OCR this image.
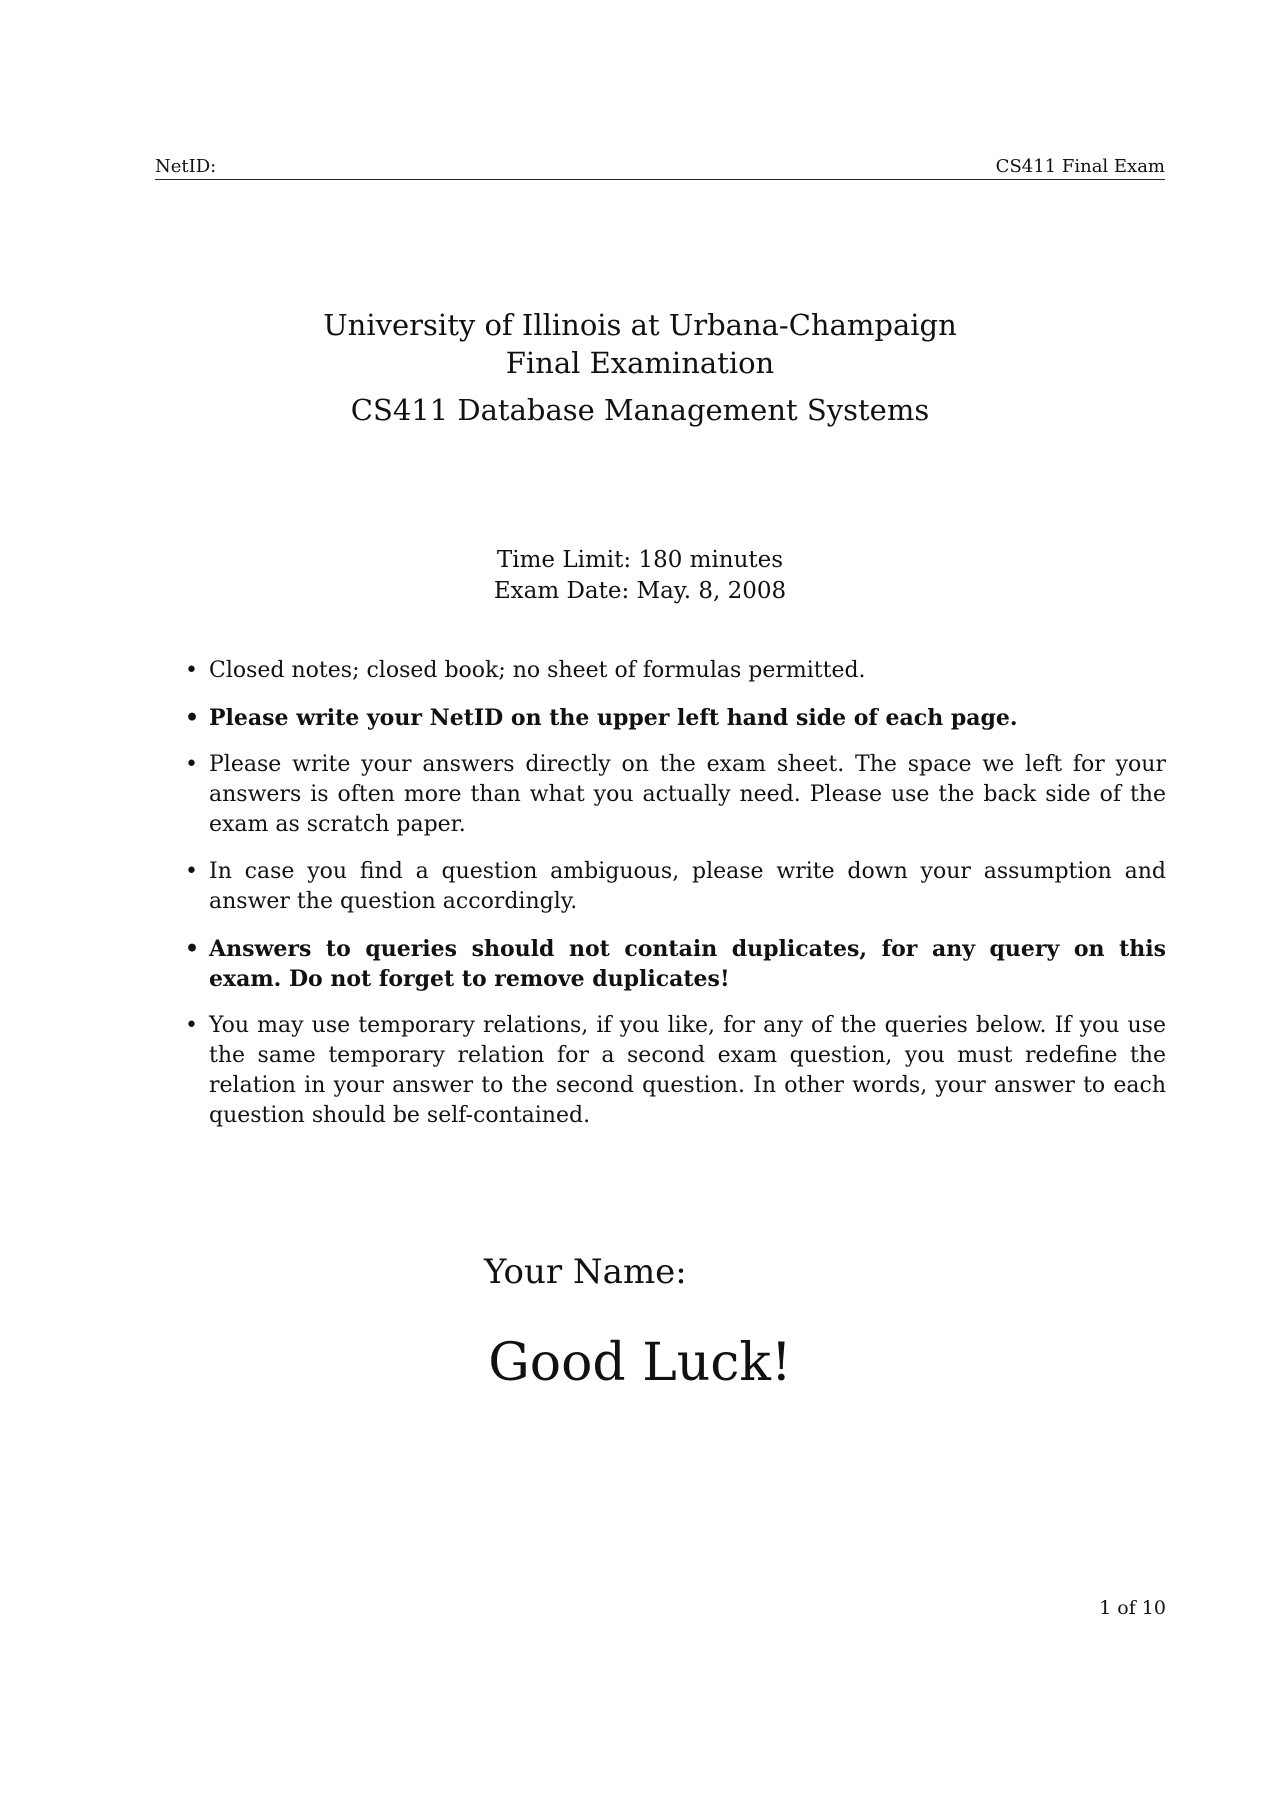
NetID:	CS411 Final Exam
University of Illinois at Urbana-Champaign
Final Examination
CS411 Database Management Systems
Time Limit: 180 minutes
Exam Date: May. 8, 2008
• Closed notes; closed book; no sheet of formulas permitted.
• Please write your NetID on the upper left hand side of each page.
• Please write your answers directly on the exam sheet. The space we left for your answers is often more than what you actually need. Please use the back side of the exam as scratch paper.
• In case you find a question ambiguous, please write down your assumption and answer the question accordingly.
• Answers to queries should not contain duplicates, for any query on this exam. Do not forget to remove duplicates!
• You may use temporary relations, if you like, for any of the queries below. If you use the same temporary relation for a second exam question, you must redefine the relation in your answer to the second question. In other words, your answer to each question should be self-contained.
Your Name:
Good Luck!
1 of 10
